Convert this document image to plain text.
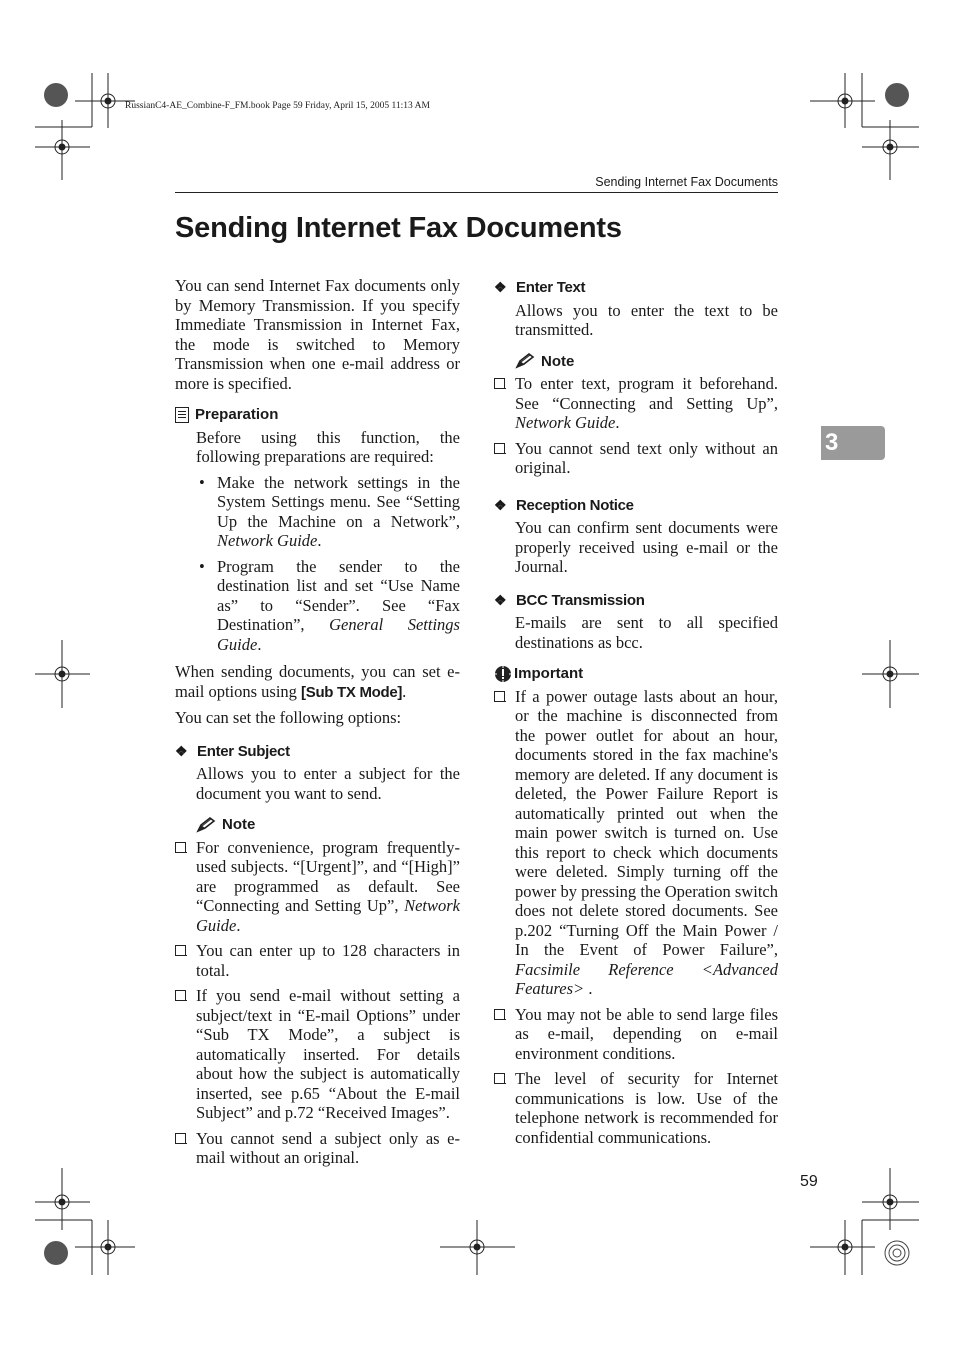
RussianC4-AE_Combine-F_FM.book Page 59 Friday, April 15, 2005 11:13 AM
Sending Internet Fax Documents
Sending Internet Fax Documents
3
59

You can send Internet Fax documents only by Memory Transmission. If you specify Immediate Transmission in Internet Fax, the mode is switched to Memory Transmission when one e-mail address or more is specified.

Preparation

Before using this function, the following preparations are required:

• Make the network settings in the System Settings menu. See “Setting Up the Machine on a Network”, Network Guide.
• Program the sender to the destination list and set “Use Name as” to “Sender”. See “Fax Destination”, General Settings Guide.

When sending documents, you can set e-mail options using [Sub TX Mode].

You can set the following options:

❖ Enter Subject

Allows you to enter a subject for the document you want to send.

Note
For convenience, program frequently-used subjects. “[Urgent]”, and “[High]” are programmed as default. See “Connecting and Setting Up”, Network Guide.
You can enter up to 128 characters in total.
If you send e-mail without setting a subject/text in “E-mail Options” under “Sub TX Mode”, a subject is automatically inserted. For details about how the subject is automatically inserted, see p.65 “About the E-mail Subject” and p.72 “Received Images”.
You cannot send a subject only as e-mail without an original.
❖ Enter Text

Allows you to enter the text to be transmitted.

Note
To enter text, program it beforehand. See “Connecting and Setting Up”, Network Guide.
You cannot send text only without an original.
❖ Reception Notice

You can confirm sent documents were properly received using e-mail or the Journal.

❖ BCC Transmission

E-mails are sent to all specified destinations as bcc.

Important
If a power outage lasts about an hour, or the machine is disconnected from the power outlet for about an hour, documents stored in the fax machine's memory are deleted. If any document is deleted, the Power Failure Report is automatically printed out when the main power switch is turned on. Use this report to check which documents were deleted. Simply turning off the power by pressing the Operation switch does not delete stored documents. See p.202 “Turning Off the Main Power / In the Event of Power Failure”, Facsimile Reference <Advanced Features> .
You may not be able to send large files as e-mail, depending on e-mail environment conditions.
The level of security for Internet communications is low. Use of the telephone network is recommended for confidential communications.
